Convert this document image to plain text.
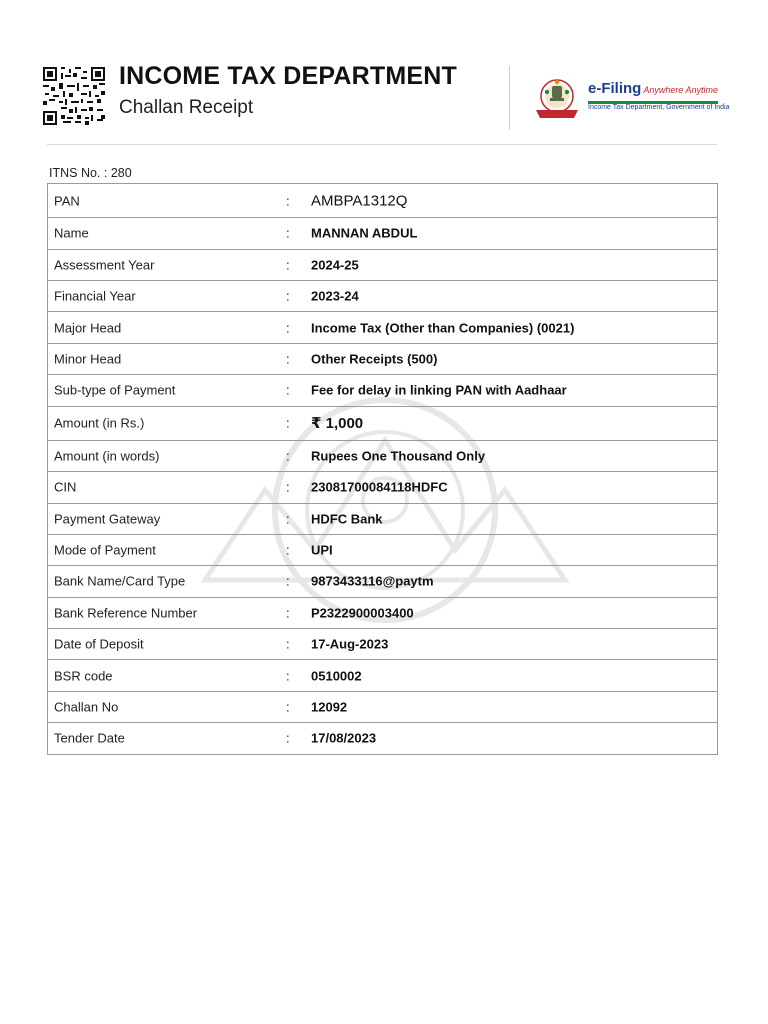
INCOME TAX DEPARTMENT
Challan Receipt
e-Filing Anywhere Anytime
Income Tax Department, Government of India
ITNS No. : 280
PAN	: AMBPA1312Q
Name	: MANNAN ABDUL
Assessment Year	: 2024-25
Financial Year	: 2023-24
Major Head	: Income Tax (Other than Companies) (0021)
Minor Head	: Other Receipts (500)
Sub-type of Payment	: Fee for delay in linking PAN with Aadhaar
Amount (in Rs.)	: ₹ 1,000
Amount (in words)	: Rupees One Thousand Only
CIN	: 23081700084118HDFC
Payment Gateway	: HDFC Bank
Mode of Payment	: UPI
Bank Name/Card Type	: 9873433116@paytm
Bank Reference Number	: P2322900003400
Date of Deposit	: 17-Aug-2023
BSR code	: 0510002
Challan No	: 12092
Tender Date	: 17/08/2023
